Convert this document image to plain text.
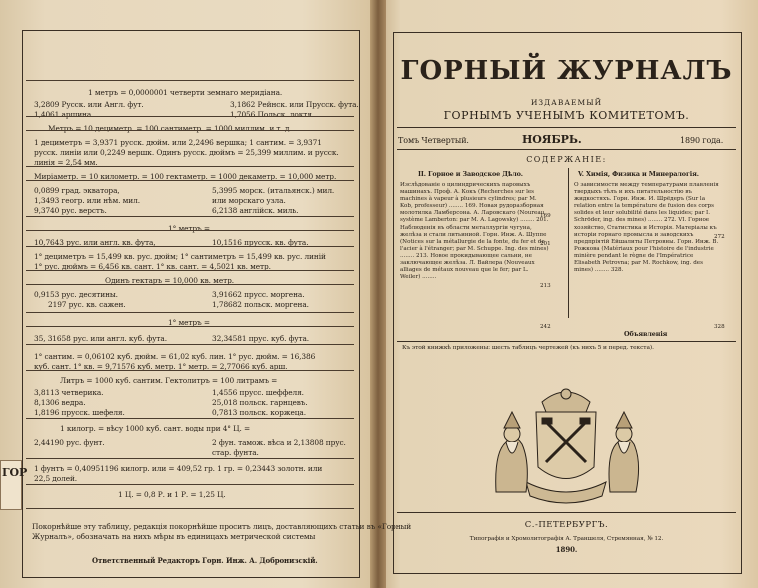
1 метръ = 0,0000001 четверти земнаго меридіана.
3,2809 Русск. или Англ. фут.	3,1862 Рейнск. или Прусск. фута.
1,4061 аршина	1,7056 Польск. локтя.
Метръ = 10 дециметр. = 100 сантиметр. = 1000 миллим. и т. д.
1 дециметръ = 3,9371 русск. дюйм. или 2,2496 вершка; 1 сантим. = 3,9371
русск. линіи или 0,2249 вершк. Одинъ русск. дюймъ = 25,399 миллим. и русск.
линія = 2,54 мм.
Миріаметр. = 10 километр. = 100 гектаметр. = 1000 декаметр. = 10,000 метр.
0,0899 град. экватора,	5,3995 морск. (итальянск.) мил.
1,3493 геогр. или нѣм. мил.	или морскаго узла.
9,3740 рус. верстъ.	6,2138 англійск. миль.
1° метръ =
10,7643 рус. или англ. кв. фута,	10,1516 прусск. кв. фута.
1° дециметръ = 15,499 кв. рус. дюйм; 1° сантиметръ = 15,499 кв. рус. линій
1° рус. дюймъ = 6,456 кв. сант. 1° кв. сант. = 4,5021 кв. метр.
Одинъ гектаръ = 10,000 кв. метр.
0,9153 рус. десятины.	3,91662 прусс. моргена.
2197 рус. кв. сажен.	1,78682 польск. моргена.
1° метръ =
35, 31658 рус. или англ. куб. фута.	32,34581 прус. куб. фута.
1° сантим. = 0,06102 куб. дюйм. = 61,02 куб. лин. 1° рус. дюйм. = 16,386
куб. сант. 1° кв. = 9,71576 куб. метр. 1° метр. = 2,77066 куб. арш.
Литръ = 1000 куб. сантим. Гектолитръ = 100 литрамъ =
3,8113 четверика.	1,4556 прусс. шеффеля.
8,1306 ведра.	25,018 польск. гарнцевъ.
1,8196 прусск. шефеля.	0,7813 польск. коржеца.
1 килогр. = вѣсу 1000 куб. сант. воды при 4° Ц. =
2,44190 рус. фунт.	2 фун. тамож. вѣса и 2,13808 прус.
стар. фунта.
1 фунтъ = 0,40951196 килогр. или = 409,52 гр. 1 гр. = 0,23443 золотн. или
22,5 долей.
1 Ц. = 0,8 Р. и 1 Р. = 1,25 Ц.
Покорнѣйше эту таблицу, редакція покорнѣйше проситъ лицъ, доставляющихъ статьи въ «Горный
Журналъ», обозначать на нихъ мѣры въ единицахъ метрической системы
Ответственный Редакторъ Горн. Инж. А. Добронизскій.
ГОР
ГОРНЫЙ ЖУРНАЛЪ
ИЗДАВАЕМЫЙ
ГОРНЫМЪ УЧЕНЫМЪ КОМИТЕТОМЪ.
Томъ Четвертый.	НОЯБРЬ.	1890 года.
СОДЕРЖАНІЕ:
II. Горное и Заводское Дѣло.	V. Химія, Физика и Минералогія.
Изслѣдованіе о цилиндрическихъ паровыхъ машинахъ. Проф. А. Кокъ (Recherches sur les machines à vapeur à plusieurs cylindres; par M. Kob, professeur) ........ 169. Новая рудоразборная молотилка Ламберсона. А. Ларовскаго (Noureau système Lamberton: par M. A. Lagowsky) ........ 201. Наблюденія въ области металлургіи чугуна, желѣза и стали литьиниой. Горн. Инж. А. Шуппе (Notices sur la métallurgie de la fonte, du fer et de l'acier à l'étranger; par M. Schuppe. Ing. des mines) ........ 213. Новое прокидывающее сальни, не заключающее желѣза. Л. Вайлера (Nouveaux alliages de métaux nouveau que le fer; par L. Weiler) ........
О зависимости между температурами плавленія твердыхъ тѣлъ и ихъ питательностію въ жидкостяхъ. Горн. Инж. И. Шрёдеръ (Sur la relation entre la température de fusion des corps solides et leur solubilité dans les liquides; par I. Schröder, ing. des mines) ........ 272. VI. Горное хозяйство, Статистика и Исторія. Матеріалы къ исторіи горнаго промысла и заводскихъ предпріятій Ейшалиты Петровны. Горн. Инж. В. Рожкова (Matériaux pour l'histoire de l'industrie minière pendant le règne de l'Impératrice Elisabeth Petrovna; par M. Rochkow, ing. des mines) ........ 328.
169
201
213
242
272
328
Объявленія
Къ этой книжкѣ приложены: шесть таблицъ чертежей (къ нихъ 5 и перед. текста).
С.-ПЕТЕРБУРГЪ.
Типографія и Хромолитографія А. Траншеля, Стремянная, № 12.
1890.
